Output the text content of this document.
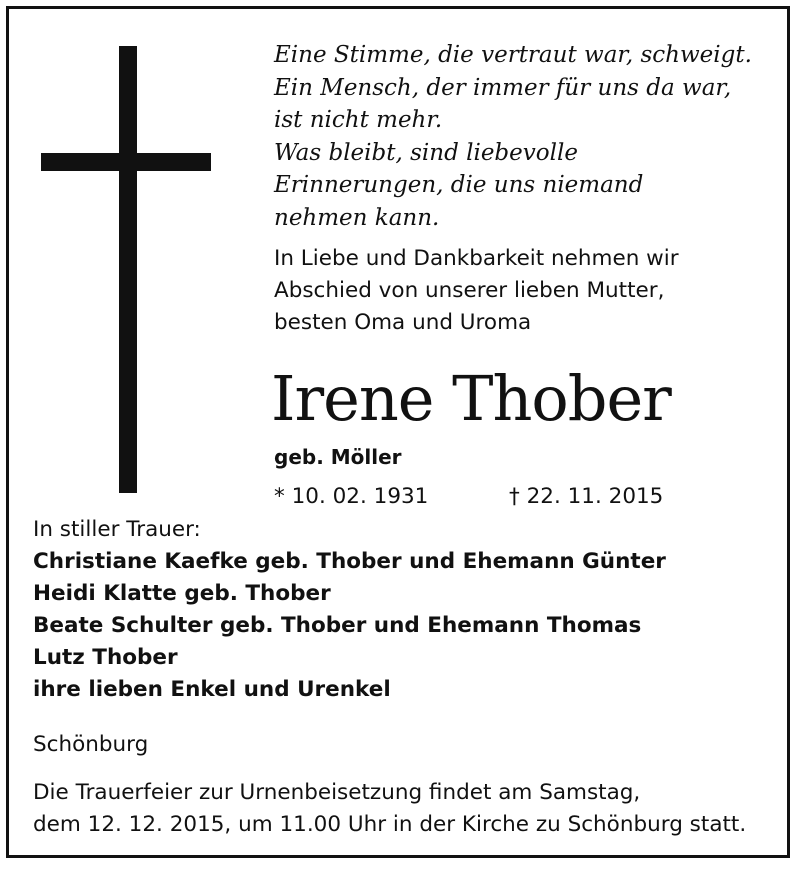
Eine Stimme, die vertraut war, schweigt.
Ein Mensch, der immer für uns da war,
ist nicht mehr.
Was bleibt, sind liebevolle
Erinnerungen, die uns niemand
nehmen kann.
In Liebe und Dankbarkeit nehmen wir
Abschied von unserer lieben Mutter,
besten Oma und Uroma
Irene Thober
geb. Möller
* 10. 02. 1931	† 22. 11. 2015
In stiller Trauer:
Christiane Kaefke geb. Thober und Ehemann Günter
Heidi Klatte geb. Thober
Beate Schulter geb. Thober und Ehemann Thomas
Lutz Thober
ihre lieben Enkel und Urenkel
Schönburg
Die Trauerfeier zur Urnenbeisetzung findet am Samstag,
dem 12. 12. 2015, um 11.00 Uhr in der Kirche zu Schönburg statt.
